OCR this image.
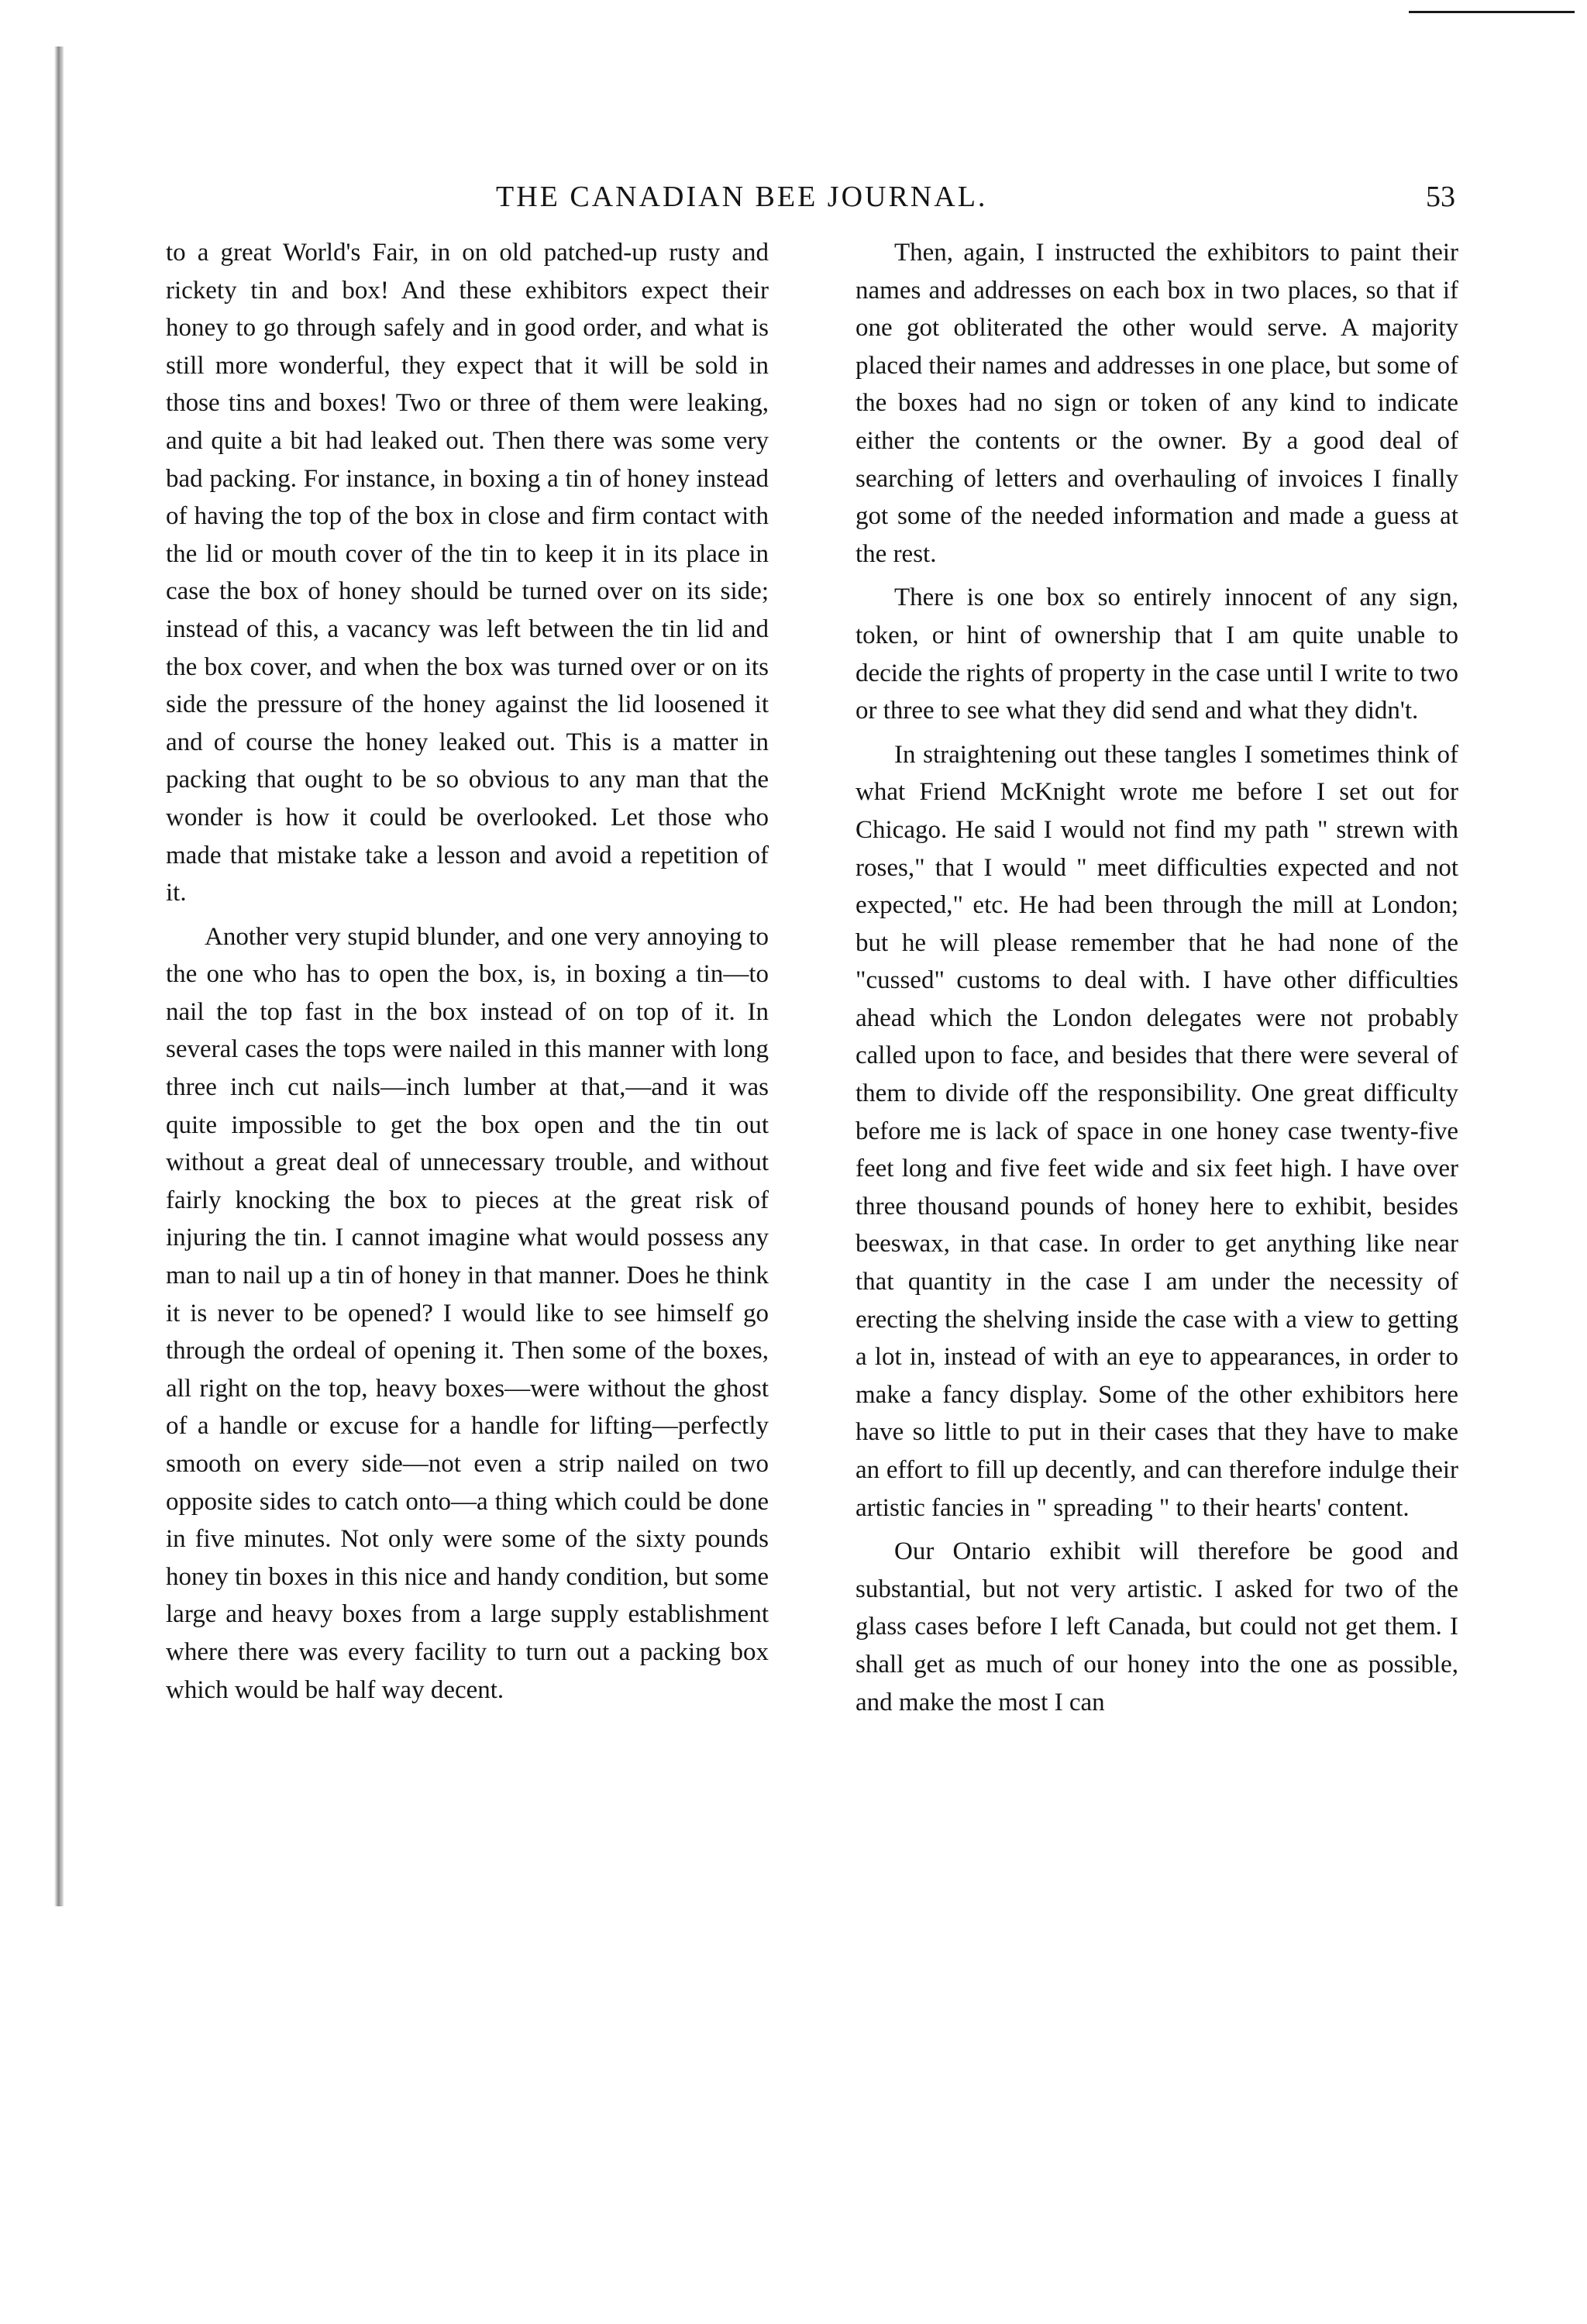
THE CANADIAN BEE JOURNAL.	53

to a great World's Fair, in on old patched-up rusty and rickety tin and box! And these exhibitors expect their honey to go through safely and in good order, and what is still more wonderful, they expect that it will be sold in those tins and boxes! Two or three of them were leaking, and quite a bit had leaked out. Then there was some very bad packing. For instance, in boxing a tin of honey instead of having the top of the box in close and firm contact with the lid or mouth cover of the tin to keep it in its place in case the box of honey should be turned over on its side; instead of this, a vacancy was left between the tin lid and the box cover, and when the box was turned over or on its side the pressure of the honey against the lid loosened it and of course the honey leaked out. This is a matter in packing that ought to be so obvious to any man that the wonder is how it could be overlooked. Let those who made that mistake take a lesson and avoid a repetition of it.

Another very stupid blunder, and one very annoying to the one who has to open the box, is, in boxing a tin—to nail the top fast in the box instead of on top of it. In several cases the tops were nailed in this manner with long three inch cut nails—inch lumber at that,—and it was quite impossible to get the box open and the tin out without a great deal of unnecessary trouble, and without fairly knocking the box to pieces at the great risk of injuring the tin. I cannot imagine what would possess any man to nail up a tin of honey in that manner. Does he think it is never to be opened? I would like to see himself go through the ordeal of opening it. Then some of the boxes, all right on the top, heavy boxes—were without the ghost of a handle or excuse for a handle for lifting—perfectly smooth on every side—not even a strip nailed on two opposite sides to catch onto—a thing which could be done in five minutes. Not only were some of the sixty pounds honey tin boxes in this nice and handy condition, but some large and heavy boxes from a large supply establishment where there was every facility to turn out a packing box which would be half way decent.

Then, again, I instructed the exhibitors to paint their names and addresses on each box in two places, so that if one got obliterated the other would serve. A majority placed their names and addresses in one place, but some of the boxes had no sign or token of any kind to indicate either the contents or the owner. By a good deal of searching of letters and overhauling of invoices I finally got some of the needed information and made a guess at the rest.

There is one box so entirely innocent of any sign, token, or hint of ownership that I am quite unable to decide the rights of property in the case until I write to two or three to see what they did send and what they didn't.

In straightening out these tangles I sometimes think of what Friend McKnight wrote me before I set out for Chicago. He said I would not find my path " strewn with roses," that I would " meet difficulties expected and not expected," etc. He had been through the mill at London; but he will please remember that he had none of the "cussed" customs to deal with. I have other difficulties ahead which the London delegates were not probably called upon to face, and besides that there were several of them to divide off the responsibility. One great difficulty before me is lack of space in one honey case twenty-five feet long and five feet wide and six feet high. I have over three thousand pounds of honey here to exhibit, besides beeswax, in that case. In order to get anything like near that quantity in the case I am under the necessity of erecting the shelving inside the case with a view to getting a lot in, instead of with an eye to appearances, in order to make a fancy display. Some of the other exhibitors here have so little to put in their cases that they have to make an effort to fill up decently, and can therefore indulge their artistic fancies in " spreading " to their hearts' content.

Our Ontario exhibit will therefore be good and substantial, but not very artistic. I asked for two of the glass cases before I left Canada, but could not get them. I shall get as much of our honey into the one as possible, and make the most I can
